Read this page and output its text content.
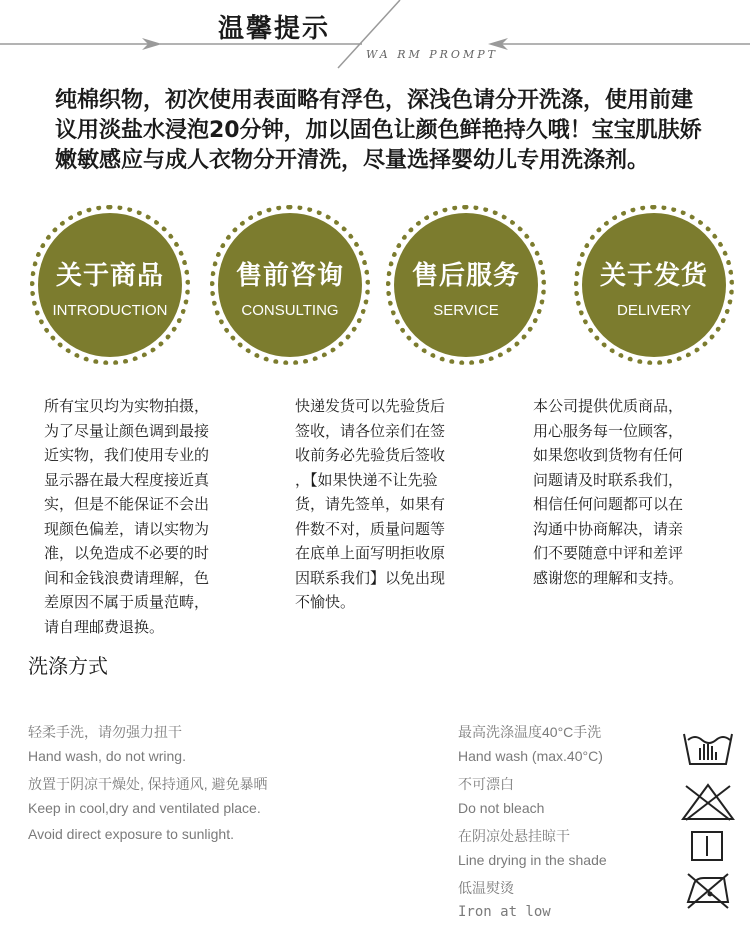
温馨提示
WA RM PROMPT
纯棉织物，初次使用表面略有浮色，深浅色请分开洗涤，使用前建议用淡盐水浸泡20分钟，加以固色让颜色鲜艳持久哦！宝宝肌肤娇嫩敏感应与成人衣物分开清洗，尽量选择婴幼儿专用洗涤剂。
关于商品
INTRODUCTION
售前咨询
CONSULTING
售后服务
SERVICE
关于发货
DELIVERY
所有宝贝均为实物拍摄，
为了尽量让颜色调到最接
近实物，我们使用专业的
显示器在最大程度接近真
实，但是不能保证不会出
现颜色偏差，请以实物为
准，以免造成不必要的时
间和金钱浪费请理解，色
差原因不属于质量范畴，
请自理邮费退换。
快递发货可以先验货后
签收，请各位亲们在签
收前务必先验货后签收
，【如果快递不让先验
货，请先签单，如果有
件数不对，质量问题等
在底单上面写明拒收原
因联系我们】以免出现
不愉快。
本公司提供优质商品，
用心服务每一位顾客，
如果您收到货物有任何
问题请及时联系我们，
相信任何问题都可以在
沟通中协商解决，请亲
们不要随意中评和差评
感谢您的理解和支持。
洗涤方式
轻柔手洗，请勿强力扭干
Hand wash, do not wring.
放置于阴凉干燥处, 保持通风, 避免暴晒
Keep in cool,dry and ventilated place.
Avoid direct exposure to sunlight.
最高洗涤温度40°C手洗
Hand wash (max.40°C)
不可漂白
Do not bleach
在阴凉处悬挂晾干
Line drying in the shade
低温熨烫
Iron at low
